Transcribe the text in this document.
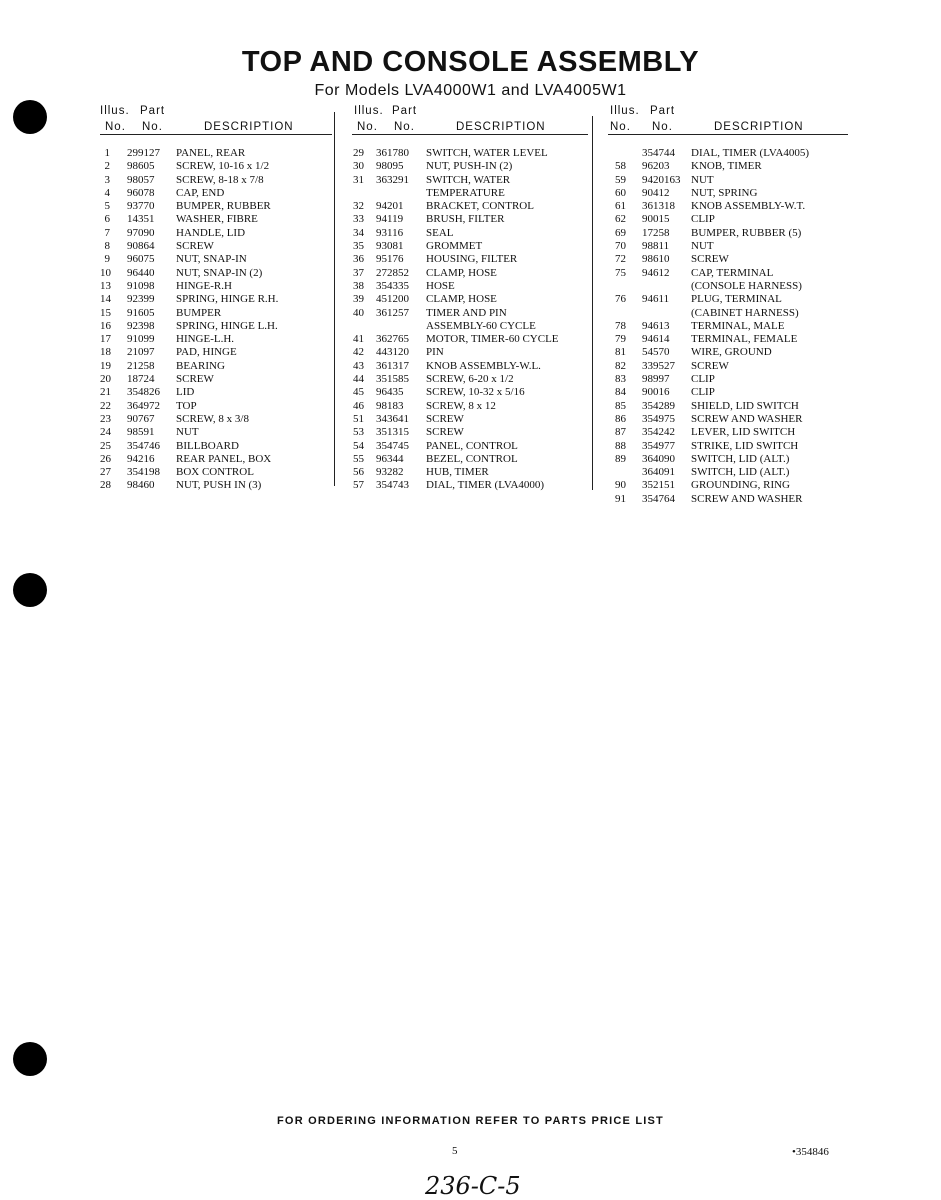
TOP AND CONSOLE ASSEMBLY
For Models LVA4000W1 and LVA4005W1
Illus. Part
No. No.	DESCRIPTION
1 299127 PANEL, REAR
2 98605 SCREW, 10-16 x 1/2
3 98057 SCREW, 8-18 x 7/8
4 96078 CAP, END
5 93770 BUMPER, RUBBER
6 14351 WASHER, FIBRE
7 97090 HANDLE, LID
8 90864 SCREW
9 96075 NUT, SNAP-IN
10 96440 NUT, SNAP-IN (2)
13 91098 HINGE-R.H
14 92399 SPRING, HINGE R.H.
15 91605 BUMPER
16 92398 SPRING, HINGE L.H.
17 91099 HINGE-L.H.
18 21097 PAD, HINGE
19 21258 BEARING
20 18724 SCREW
21 354826 LID
22 364972 TOP
23 90767 SCREW, 8 x 3/8
24 98591 NUT
25 354746 BILLBOARD
26 94216 REAR PANEL, BOX
27 354198 BOX CONTROL
28 98460 NUT, PUSH IN (3)
Illus. Part
No. No.	DESCRIPTION
29 361780 SWITCH, WATER LEVEL
30 98095 NUT, PUSH-IN (2)
31 363291 SWITCH, WATER
TEMPERATURE
32 94201 BRACKET, CONTROL
33 94119 BRUSH, FILTER
34 93116 SEAL
35 93081 GROMMET
36 95176 HOUSING, FILTER
37 272852 CLAMP, HOSE
38 354335 HOSE
39 451200 CLAMP, HOSE
40 361257 TIMER AND PIN
ASSEMBLY-60 CYCLE
41 362765 MOTOR, TIMER-60 CYCLE
42 443120 PIN
43 361317 KNOB ASSEMBLY-W.L.
44 351585 SCREW, 6-20 x 1/2
45 96435 SCREW, 10-32 x 5/16
46 98183 SCREW, 8 x 12
51 343641 SCREW
53 351315 SCREW
54 354745 PANEL, CONTROL
55 96344 BEZEL, CONTROL
56 93282 HUB, TIMER
57 354743 DIAL, TIMER (LVA4000)
Illus. Part
No. No.	DESCRIPTION
354744 DIAL, TIMER (LVA4005)
58 96203 KNOB, TIMER
59 9420163 NUT
60 90412 NUT, SPRING
61 361318 KNOB ASSEMBLY-W.T.
62 90015 CLIP
69 17258 BUMPER, RUBBER (5)
70 98811 NUT
72 98610 SCREW
75 94612 CAP, TERMINAL
(CONSOLE HARNESS)
76 94611 PLUG, TERMINAL
(CABINET HARNESS)
78 94613 TERMINAL, MALE
79 94614 TERMINAL, FEMALE
81 54570 WIRE, GROUND
82 339527 SCREW
83 98997 CLIP
84 90016 CLIP
85 354289 SHIELD, LID SWITCH
86 354975 SCREW AND WASHER
87 354242 LEVER, LID SWITCH
88 354977 STRIKE, LID SWITCH
89 364090 SWITCH, LID (ALT.)
364091 SWITCH, LID (ALT.)
90 352151 GROUNDING, RING
91 354764 SCREW AND WASHER
FOR ORDERING INFORMATION REFER TO PARTS PRICE LIST
5	•354846
236-C-5
